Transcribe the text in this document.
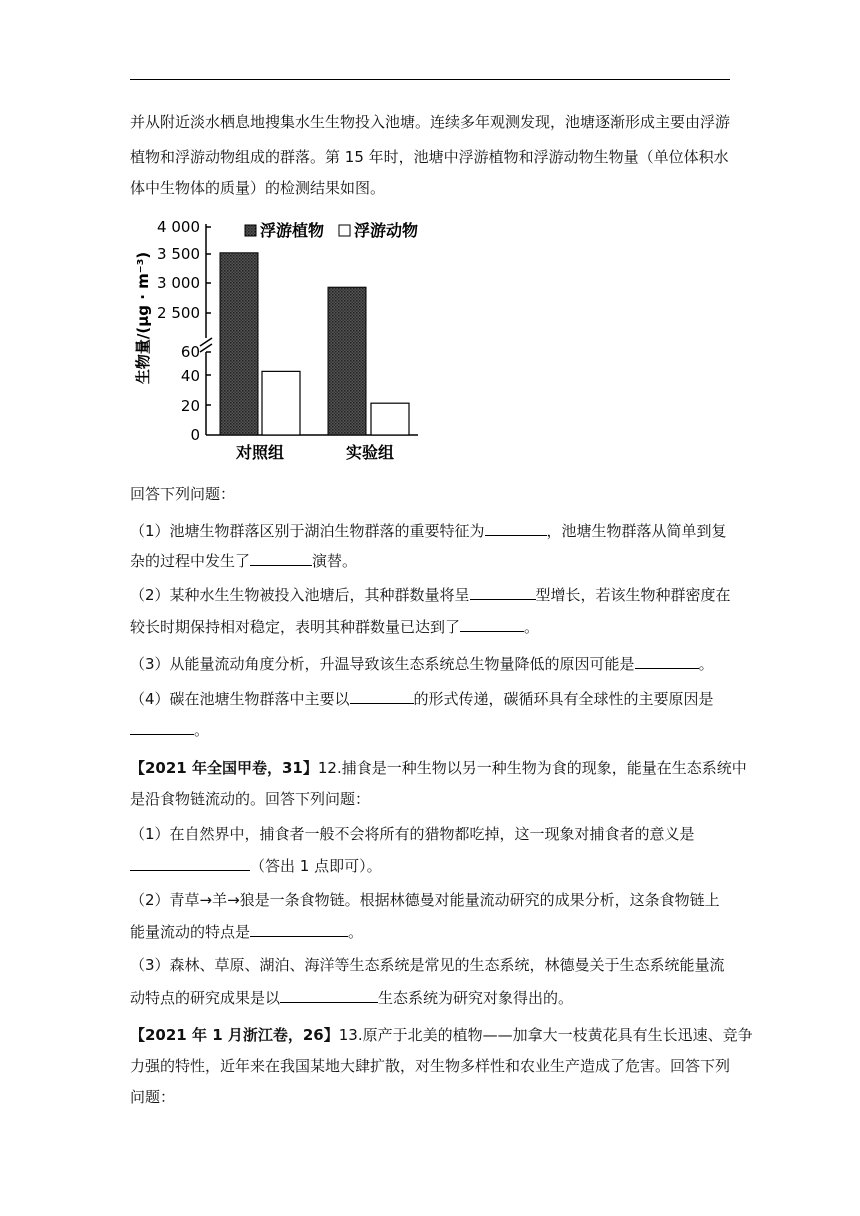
并从附近淡水栖息地搜集水生生物投入池塘。连续多年观测发现，池塘逐渐形成主要由浮游
植物和浮游动物组成的群落。第 15 年时，池塘中浮游植物和浮游动物生物量（单位体积水
体中生物体的质量）的检测结果如图。
生物量/(μg · m⁻³)
4 000
3 500
3 000
2 500
60
40
20
0
浮游植物 浮游动物
对照组	实验组
回答下列问题：
（1）池塘生物群落区别于湖泊生物群落的重要特征为	，池塘生物群落从简单到复
杂的过程中发生了	演替。
（2）某种水生生物被投入池塘后，其种群数量将呈	型增长，若该生物种群密度在
较长时期保持相对稳定，表明其种群数量已达到了	。
（3）从能量流动角度分析，升温导致该生态系统总生物量降低的原因可能是	。
（4）碳在池塘生物群落中主要以	的形式传递，碳循环具有全球性的主要原因是
。
【2021 年全国甲卷，31】12.捕食是一种生物以另一种生物为食的现象，能量在生态系统中
是沿食物链流动的。回答下列问题：
（1）在自然界中，捕食者一般不会将所有的猎物都吃掉，这一现象对捕食者的意义是
（答出 1 点即可）。
（2）青草→羊→狼是一条食物链。根据林德曼对能量流动研究的成果分析，这条食物链上
能量流动的特点是	。
（3）森林、草原、湖泊、海洋等生态系统是常见的生态系统，林德曼关于生态系统能量流
动特点的研究成果是以	生态系统为研究对象得出的。
【2021 年 1 月浙江卷，26】13.原产于北美的植物——加拿大一枝黄花具有生长迅速、竞争
力强的特性，近年来在我国某地大肆扩散，对生物多样性和农业生产造成了危害。回答下列
问题：
